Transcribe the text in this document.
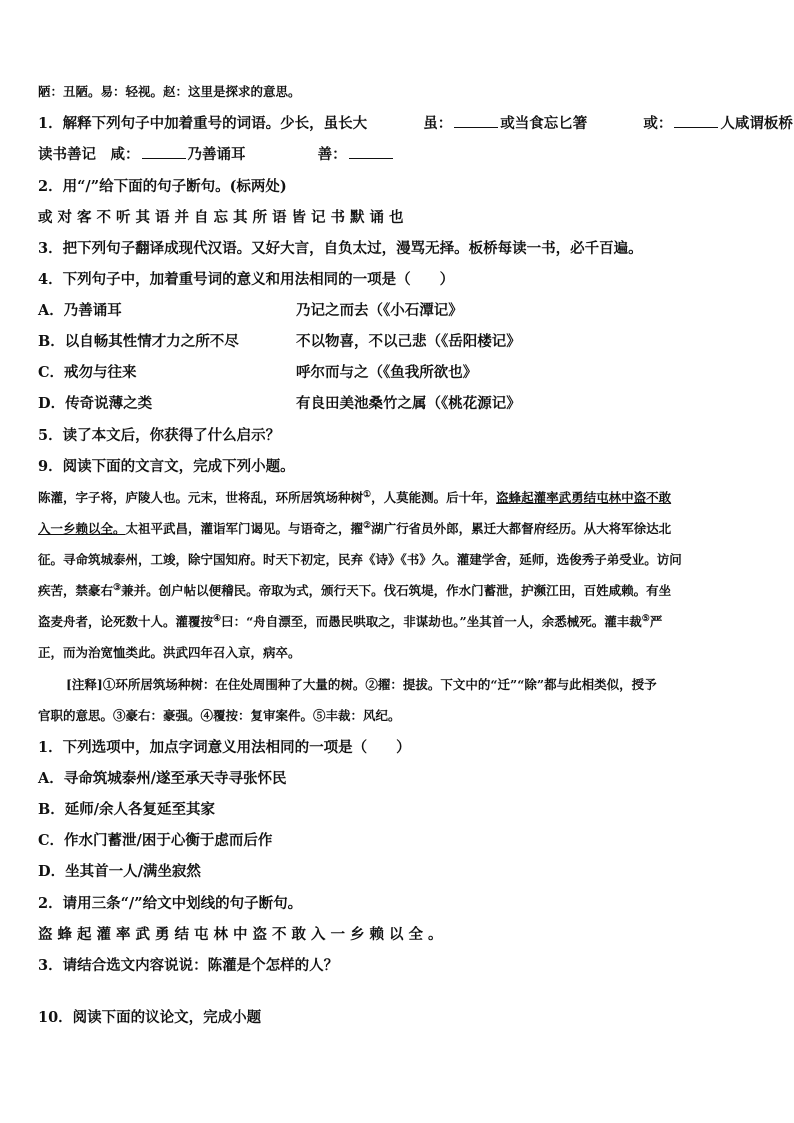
陋：丑陋。易：轻视。赵：这里是探求的意思。
1．解释下列句子中加着重号的词语。少长，虽长大	虽：	或当食忘匕箸	或：	人咸谓板桥
读书善记　咸：	乃善诵耳	善：
2．用“/”给下面的句子断句。(标两处)
或对客不听其语并自忘其所语皆记书默诵也
3．把下列句子翻译成现代汉语。又好大言，自负太过，漫骂无择。板桥每读一书，必千百遍。
4．下列句子中，加着重号词的意义和用法相同的一项是（　　）
A．乃善诵耳	乃记之而去（《小石潭记》
B．以自畅其性情才力之所不尽	不以物喜，不以己悲（《岳阳楼记》
C．戒勿与往来	呼尔而与之（《鱼我所欲也》
D．传奇说薄之类	有良田美池桑竹之属（《桃花源记》
5．读了本文后，你获得了什么启示？
9．阅读下面的文言文，完成下列小题。
陈灌，字子将，庐陵人也。元末，世将乱，环所居筑场种树①，人莫能测。后十年，盗蜂起灌率武勇结屯林中盗不敢
入一乡赖以全。太祖平武昌，灌诣军门谒见。与语奇之，擢②湖广行省员外郎，累迁大都督府经历。从大将军徐达北
征。寻命筑城泰州，工竣，除宁国知府。时天下初定，民弃《诗》《书》久。灌建学舍，延师，选俊秀子弟受业。访问
疾苦，禁豪右③兼并。创户帖以便稽民。帝取为式，颁行天下。伐石筑堤，作水门蓄泄，护濒江田，百姓咸赖。有坐
盗麦舟者，论死数十人。灌覆按④曰：“舟自漂至，而愚民哄取之，非谋劫也。”坐其首一人，余悉械死。灌丰裁⑤严
正，而为治宽恤类此。洪武四年召入京，病卒。
[注释]①环所居筑场种树：在住处周围种了大量的树。②擢：提拔。下文中的“迁”“除”都与此相类似，授予
官职的意思。③豪右：豪强。④覆按：复审案件。⑤丰裁：风纪。
1．下列选项中，加点字词意义用法相同的一项是（　　）
A．寻命筑城泰州/遂至承天寺寻张怀民
B．延师/余人各复延至其家
C．作水门蓄泄/困于心衡于虑而后作
D．坐其首一人/满坐寂然
2．请用三条“/”给文中划线的句子断句。
盗蜂起灌率武勇结屯林中盗不敢入一乡赖以全。
3．请结合选文内容说说：陈灌是个怎样的人？
10．阅读下面的议论文，完成小题
